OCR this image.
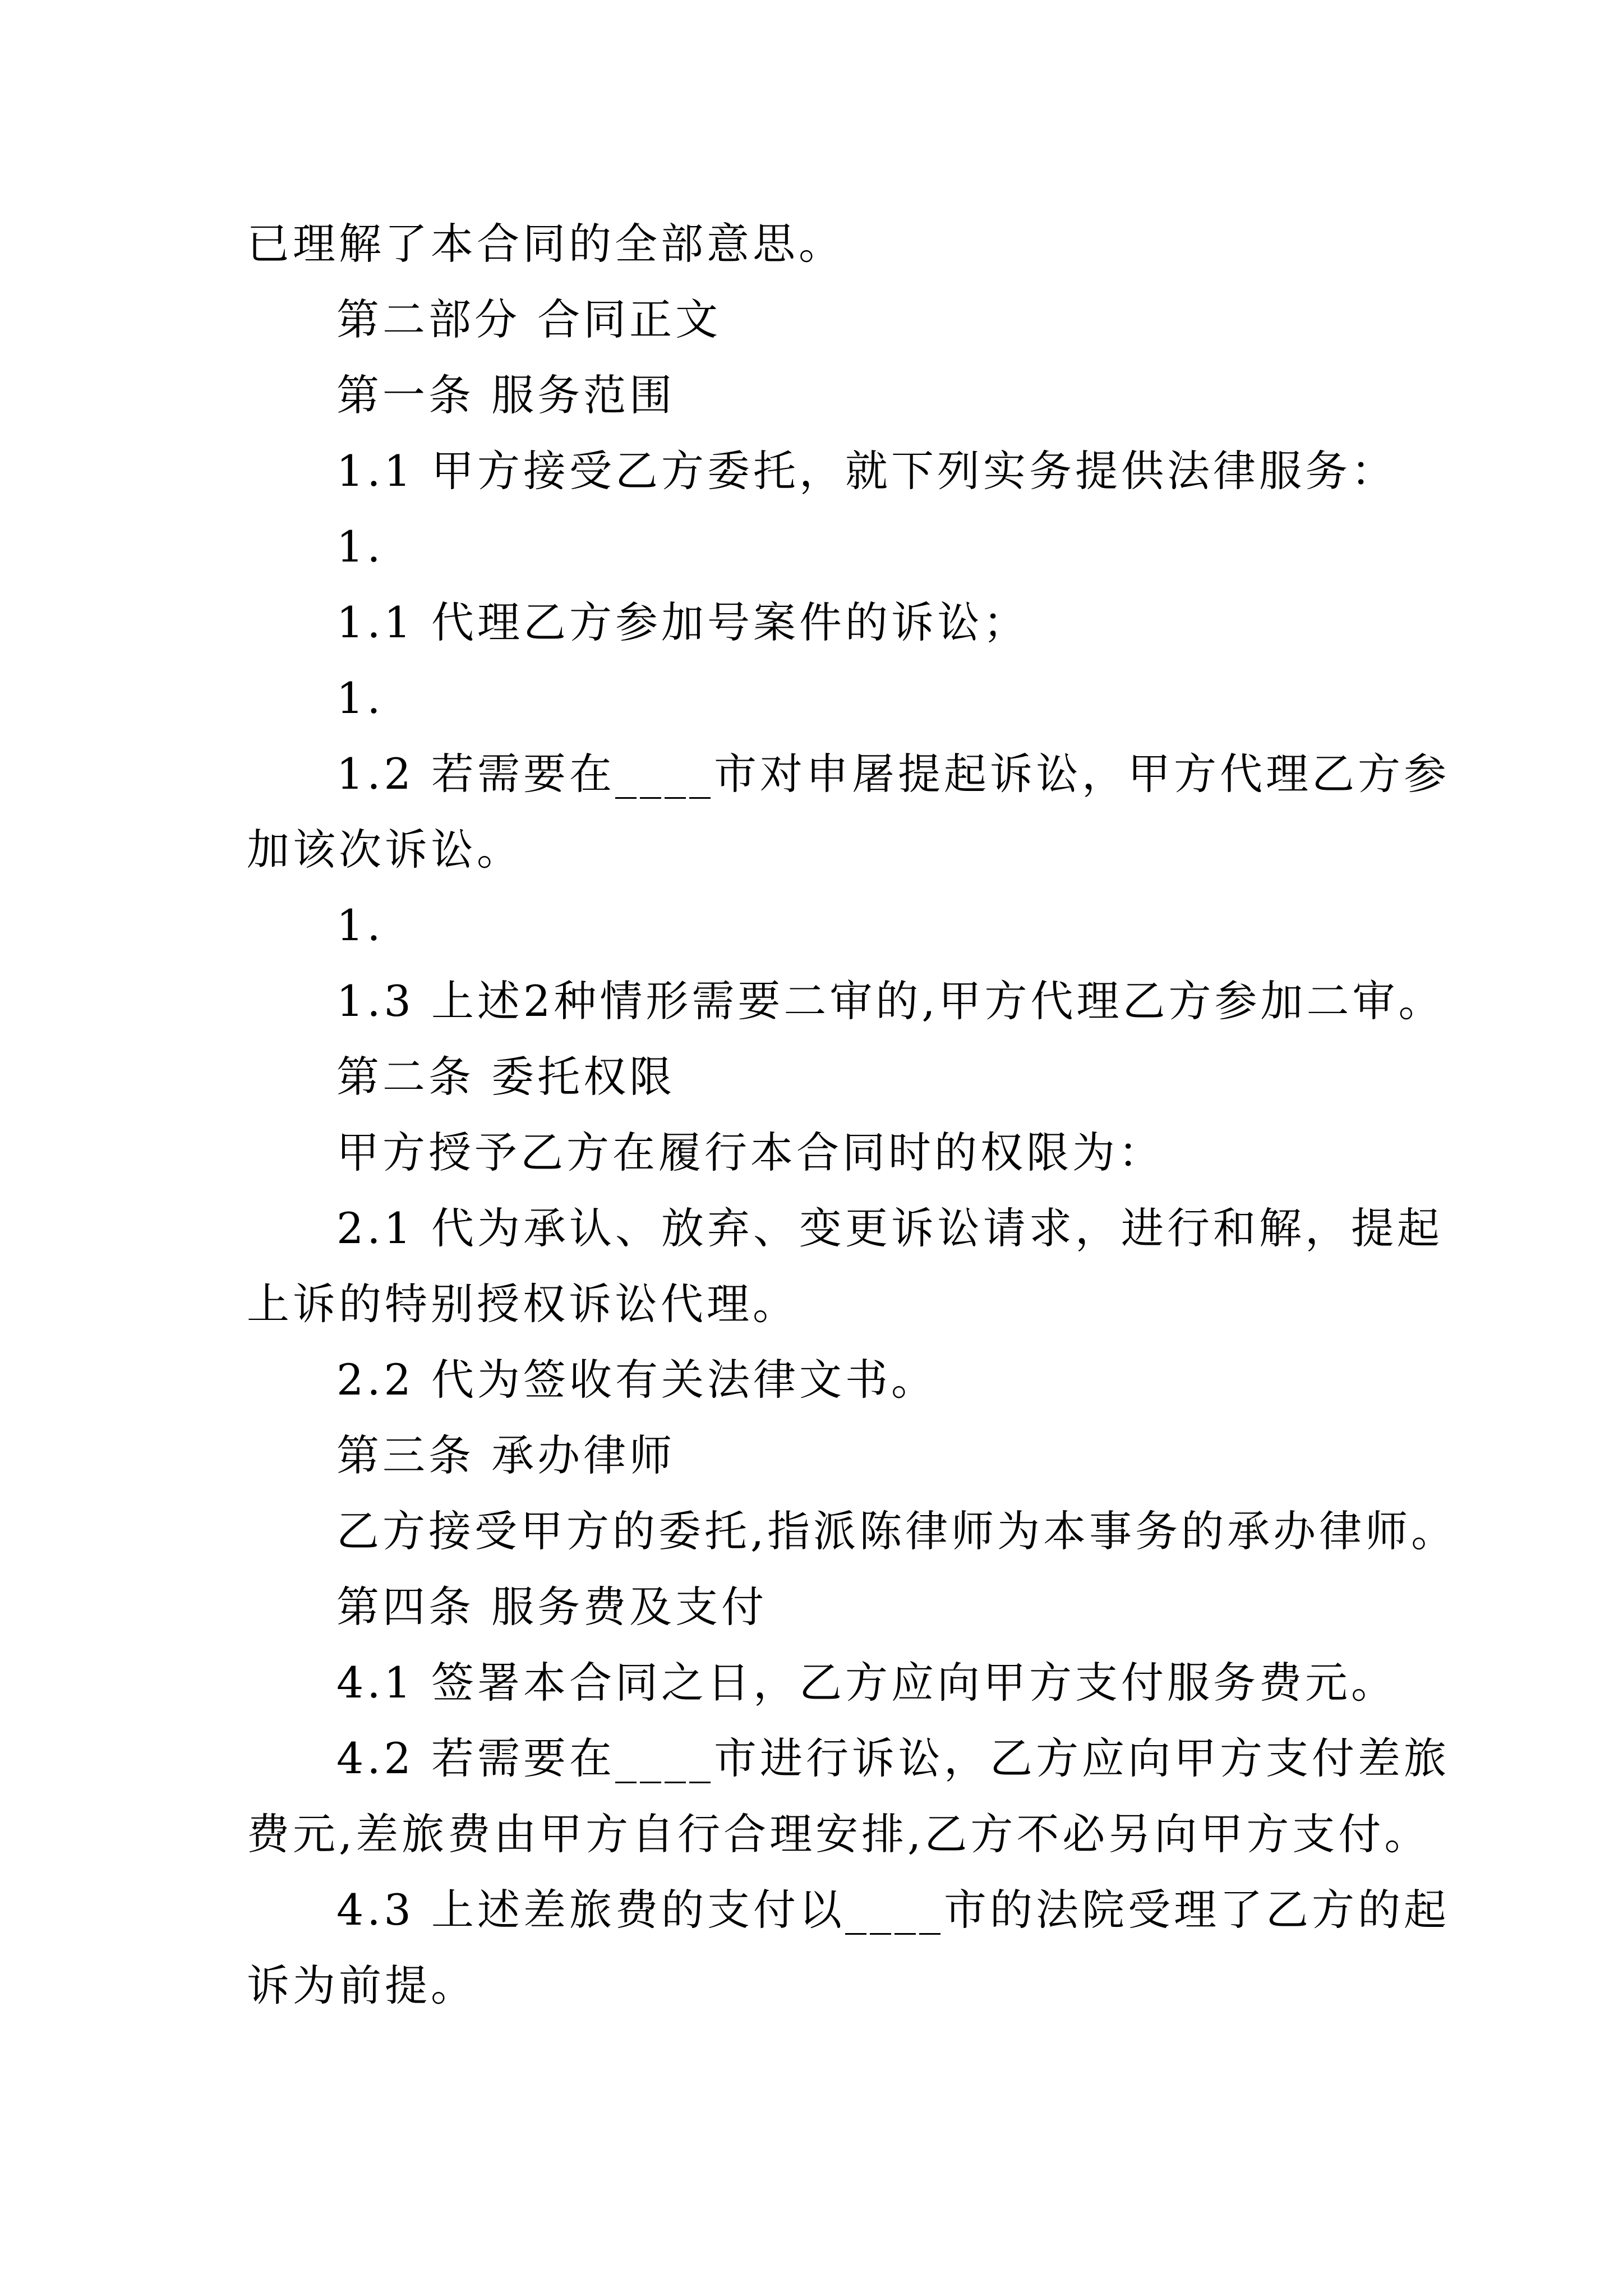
已理解了本合同的全部意思。
第二部分 合同正文
第一条 服务范围
1.1 甲方接受乙方委托，就下列实务提供法律服务：
1.
1.1 代理乙方参加号案件的诉讼；
1.
1.2 若需要在____市对申屠提起诉讼，甲方代理乙方参
加该次诉讼。
1.
1.3 上述2种情形需要二审的,甲方代理乙方参加二审。
第二条 委托权限
甲方授予乙方在履行本合同时的权限为：
2.1 代为承认、放弃、变更诉讼请求，进行和解，提起
上诉的特别授权诉讼代理。
2.2 代为签收有关法律文书。
第三条 承办律师
乙方接受甲方的委托,指派陈律师为本事务的承办律师。
第四条 服务费及支付
4.1 签署本合同之日，乙方应向甲方支付服务费元。
4.2 若需要在____市进行诉讼，乙方应向甲方支付差旅
费元,差旅费由甲方自行合理安排,乙方不必另向甲方支付。
4.3 上述差旅费的支付以____市的法院受理了乙方的起
诉为前提。
